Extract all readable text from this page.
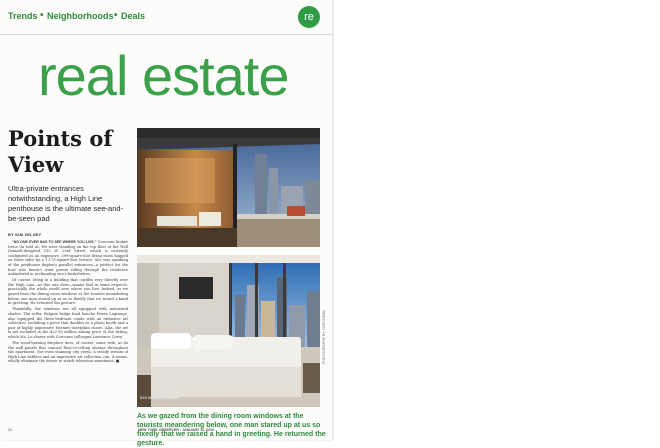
Trends • Neighborhoods • Deals	re
real estate
Points of View
Ultra-private entrances notwithstanding, a High Line penthouse is the ultimate see-and-be-seen pad
BY KIM VELSEY

"NO ONE EVER HAS TO SEE WHERE YOU LIVE," Corcoran broker Irene Ga told us. We were standing on the top floor of the Well Demarli-designed 515 W. 23rd Street, which is currently configured as an expensive, 399-square-foot living room hugged on three sides by a 1,175-square-foot terrace. She was speaking of the penthouse duplex's parallel entrances—a perfect for the host who doesn't want guests riding through the residence unhindered in acclimating one's bookshelves.

Of course, living in a building that curdles very directly over the High Line—as this one does—means that in some respects, practically the whole world sees where you live. Indeed, as we gazed from the dining room windows at the tourists meandering below, one man stared up at us so fixedly that we raised a hand in greeting. He returned the gesture.

Thankfully, the windows are all equipped with motorized shades. The seller, Belgian hedge fund honcho Pierre Lagrange, also equipped the three-bedroom condo with an extensive art collection, including a piece that doubles as a photo booth and a pair of highly impressive Hermès sheepskin chairs. Alas, the art is not included in the $22.95 million asking price of the listing, which Ms. Lo shares with Corcoran colleague Lawrence Curry.

The wood-burning fireplace does, of course, come with, as do the wall panels that conceal floor-to-ceiling storage throughout the apartment. Not even stunning city views, a steady stream of High Line hobbies and an impressive art collection can, it seems, wholly eliminate the desire to watch television sometimes. ■

515 West 23rd Street
PHOTOGRAPHS BY CORCORAN
As we gazed from the dining room windows at the tourists meandering below, one man stared up at us so fixedly that we raised a hand in greeting. He returned the gesture.
32	NEW YORK OBSERVER • JANUARY 11, 2016
